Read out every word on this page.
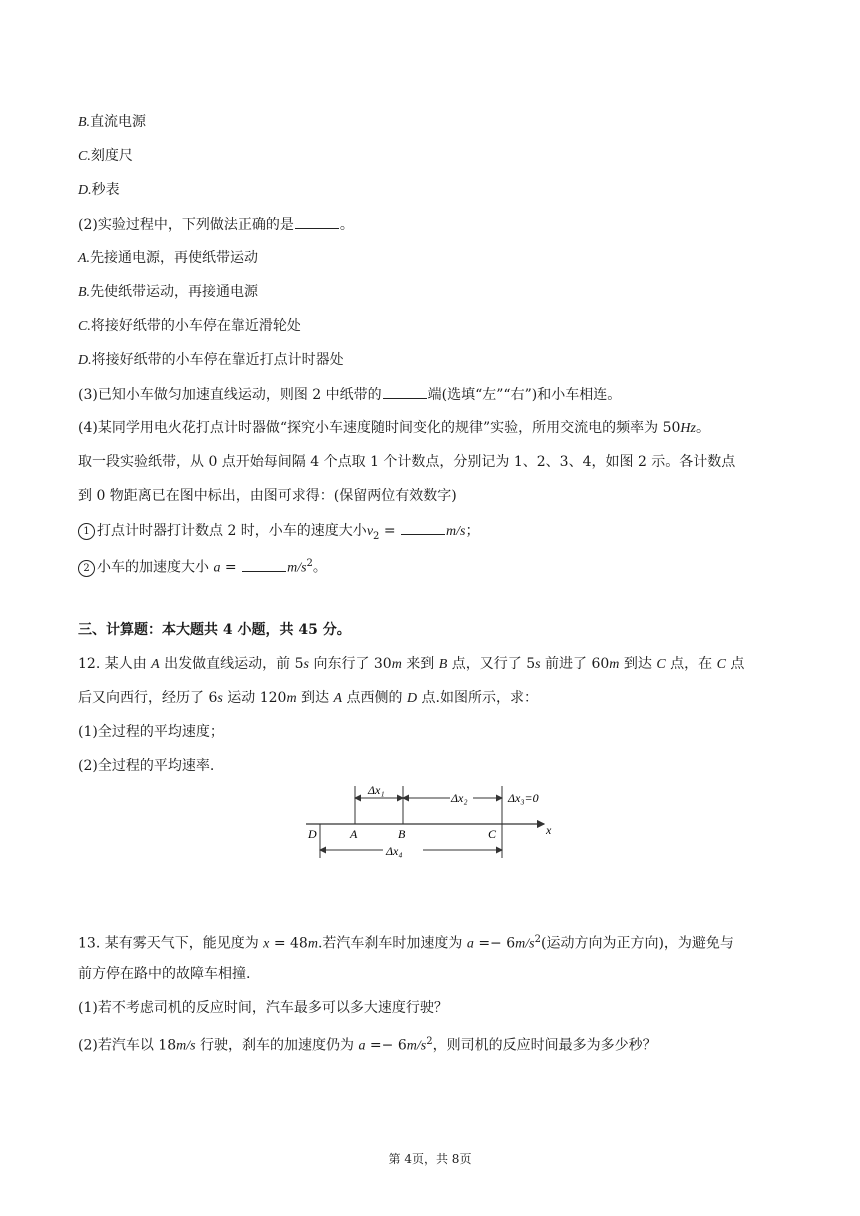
B.直流电源
C.刻度尺
D.秒表
(2)实验过程中，下列做法正确的是	。
A.先接通电源，再使纸带运动
B.先使纸带运动，再接通电源
C.将接好纸带的小车停在靠近滑轮处
D.将接好纸带的小车停在靠近打点计时器处
(3)已知小车做匀加速直线运动，则图 2 中纸带的	端(选填“左”“右”)和小车相连。
(4)某同学用电火花打点计时器做“探究小车速度随时间变化的规律”实验，所用交流电的频率为 50Hz。
取一段实验纸带，从 0 点开始每间隔 4 个点取 1 个计数点，分别记为 1、2、3、4，如图 2 示。各计数点
到 0 物距离已在图中标出，由图可求得：(保留两位有效数字)
1 打点计时器打计数点 2 时，小车的速度大小$v_2$ =	m/s；
2 小车的加速度大小 a =	$m/s^2$。
三、计算题：本大题共 4 小题，共 45 分。
12. 某人由 A 出发做直线运动，前 5s 向东行了 30m 来到 B 点，又行了 5s 前进了 60m 到达 C 点，在 C 点
后又向西行，经历了 6s 运动 120m 到达 A 点西侧的 D 点.如图所示，求：
(1)全过程的平均速度；
(2)全过程的平均速率.
Δx₁
Δx₂	Δx₃=0
Δx₄
D	A	B	C	x
13. 某有雾天气下，能见度为 x = 48m.若汽车刹车时加速度为 $a =- 6m/s^2$(运动方向为正方向)，为避免与
前方停在路中的故障车相撞.
(1)若不考虑司机的反应时间，汽车最多可以多大速度行驶？
(2)若汽车以 18m/s 行驶，刹车的加速度仍为 $a =- 6m/s^2$，则司机的反应时间最多为多少秒？
第 4页，共 8页
